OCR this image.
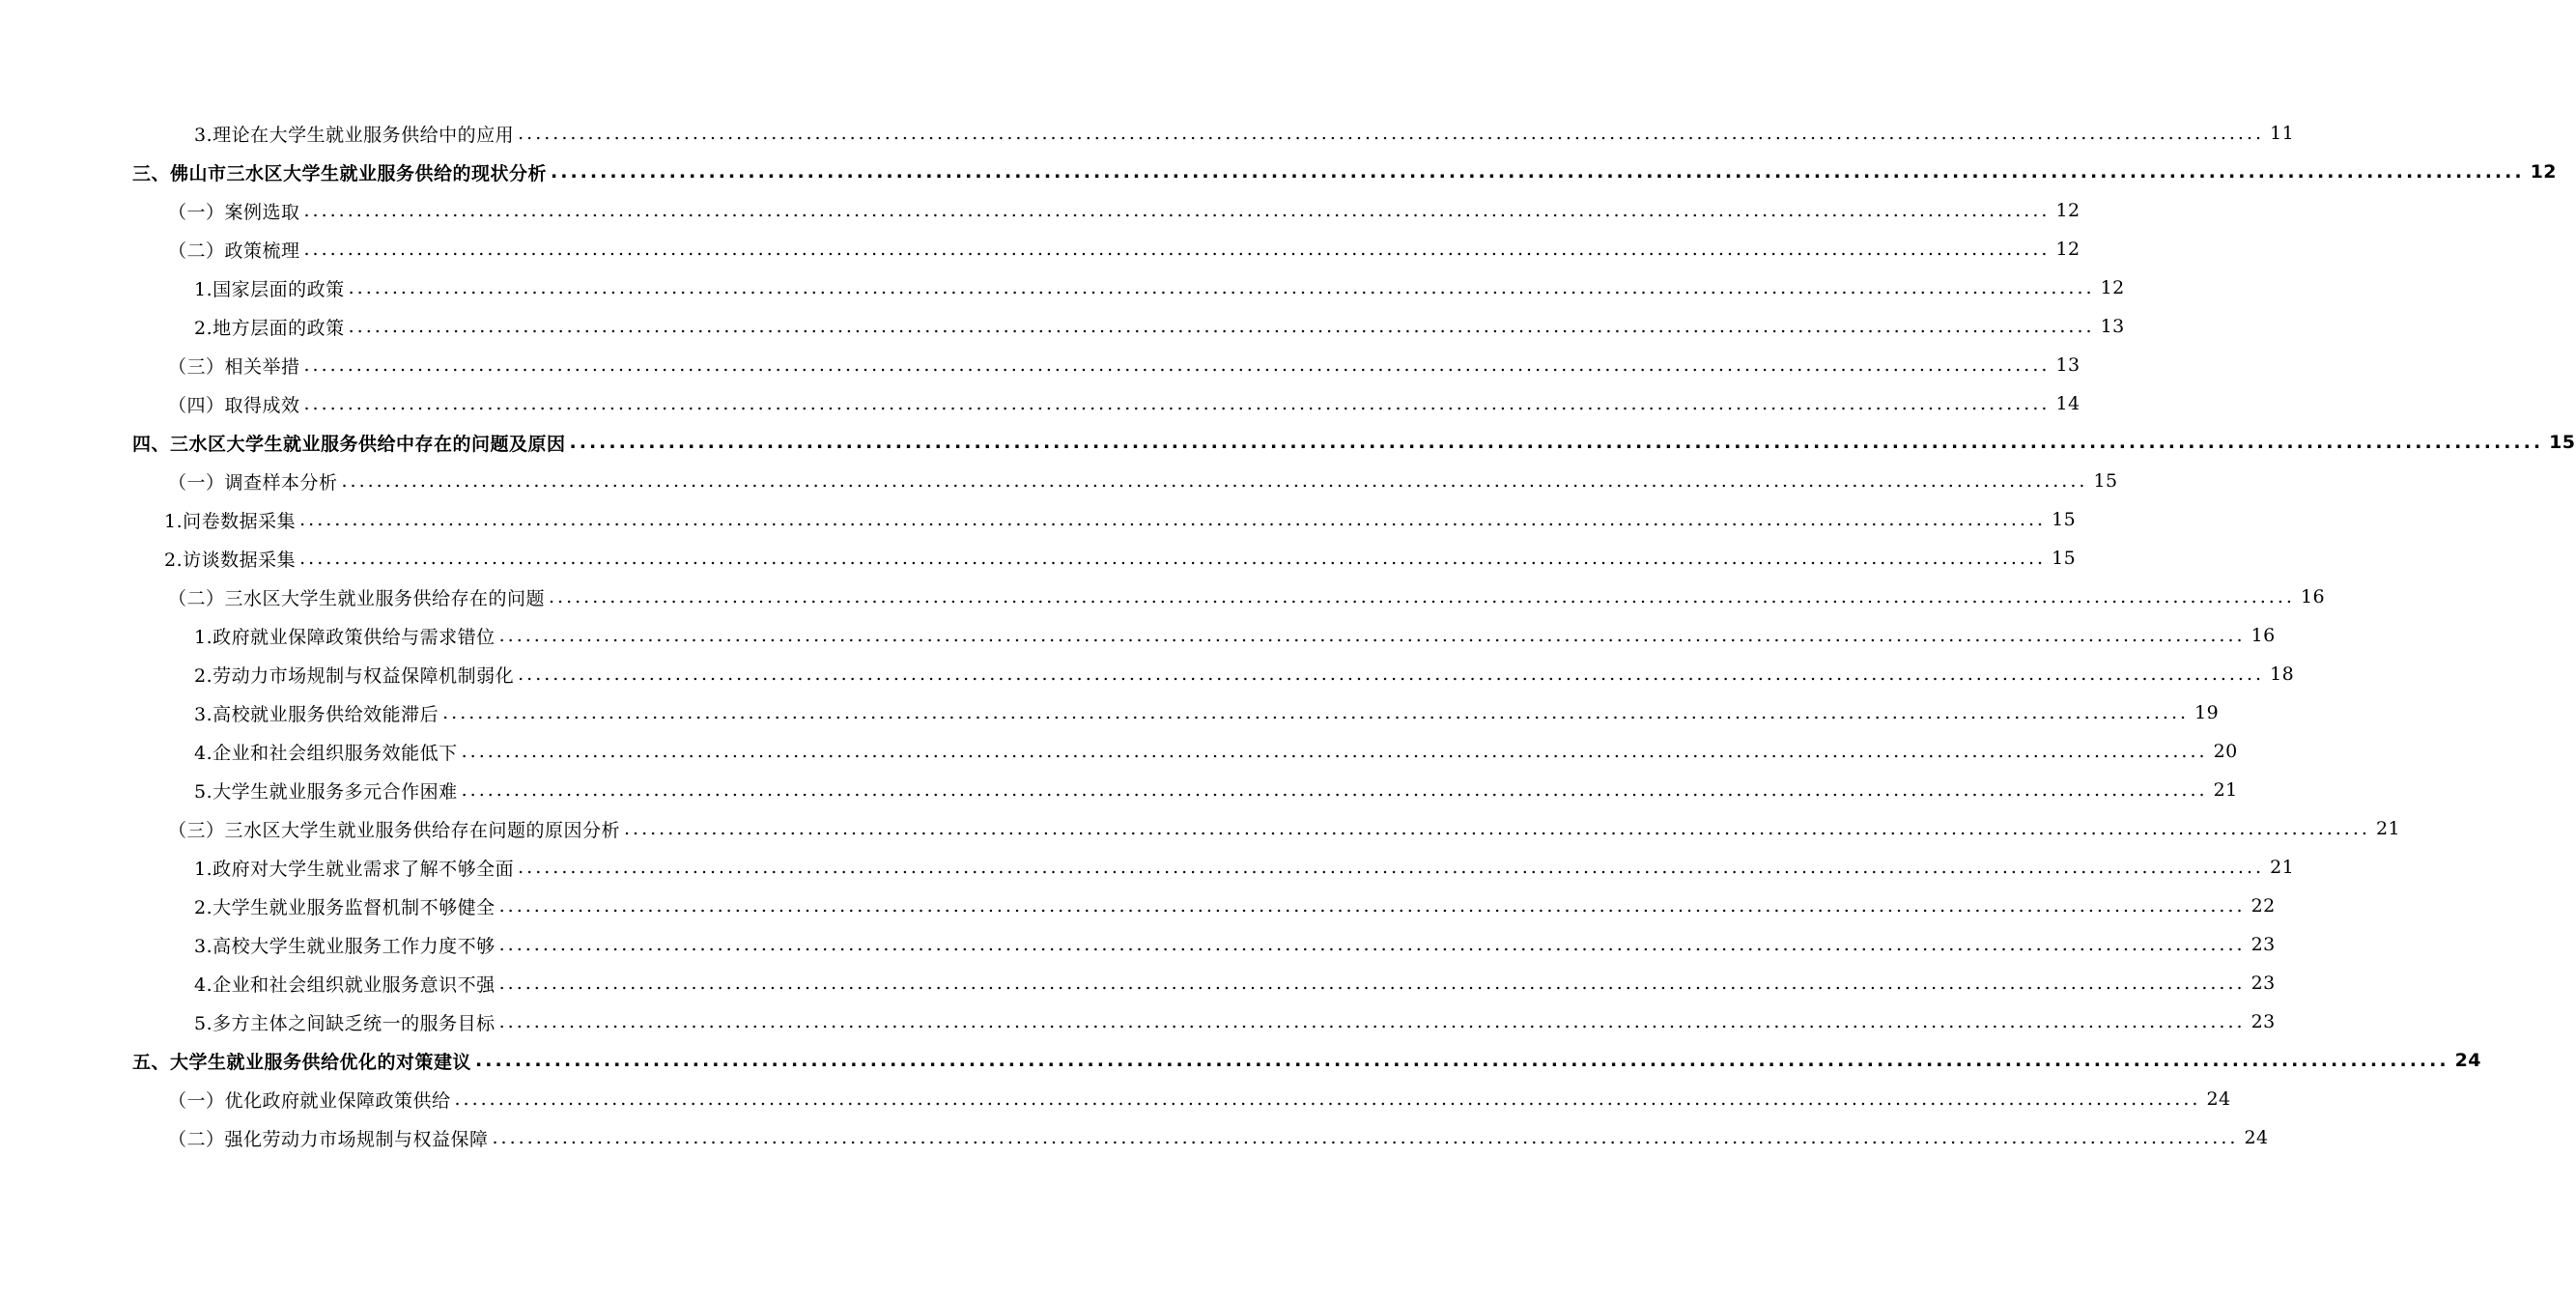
3.理论在大学生就业服务供给中的应用 ........................................................................................................................................................................................................ 11
三、佛山市三水区大学生就业服务供给的现状分析 ........................................................................................................................................................................................................ 12
（一）案例选取 ........................................................................................................................................................................................................ 12
（二）政策梳理 ........................................................................................................................................................................................................ 12
1.国家层面的政策 ........................................................................................................................................................................................................ 12
2.地方层面的政策 ........................................................................................................................................................................................................ 13
（三）相关举措 ........................................................................................................................................................................................................ 13
（四）取得成效 ........................................................................................................................................................................................................ 14
四、三水区大学生就业服务供给中存在的问题及原因 ........................................................................................................................................................................................................ 15
（一）调查样本分析 ........................................................................................................................................................................................................ 15
1.问卷数据采集 ........................................................................................................................................................................................................ 15
2.访谈数据采集 ........................................................................................................................................................................................................ 15
（二）三水区大学生就业服务供给存在的问题 ........................................................................................................................................................................................................ 16
1.政府就业保障政策供给与需求错位 ........................................................................................................................................................................................................ 16
2.劳动力市场规制与权益保障机制弱化 ........................................................................................................................................................................................................ 18
3.高校就业服务供给效能滞后 ........................................................................................................................................................................................................ 19
4.企业和社会组织服务效能低下 ........................................................................................................................................................................................................ 20
5.大学生就业服务多元合作困难 ........................................................................................................................................................................................................ 21
（三）三水区大学生就业服务供给存在问题的原因分析 ........................................................................................................................................................................................................ 21
1.政府对大学生就业需求了解不够全面 ........................................................................................................................................................................................................ 21
2.大学生就业服务监督机制不够健全 ........................................................................................................................................................................................................ 22
3.高校大学生就业服务工作力度不够 ........................................................................................................................................................................................................ 23
4.企业和社会组织就业服务意识不强 ........................................................................................................................................................................................................ 23
5.多方主体之间缺乏统一的服务目标 ........................................................................................................................................................................................................ 23
五、大学生就业服务供给优化的对策建议 ........................................................................................................................................................................................................ 24
（一）优化政府就业保障政策供给 ........................................................................................................................................................................................................ 24
（二）强化劳动力市场规制与权益保障 ........................................................................................................................................................................................................ 24
